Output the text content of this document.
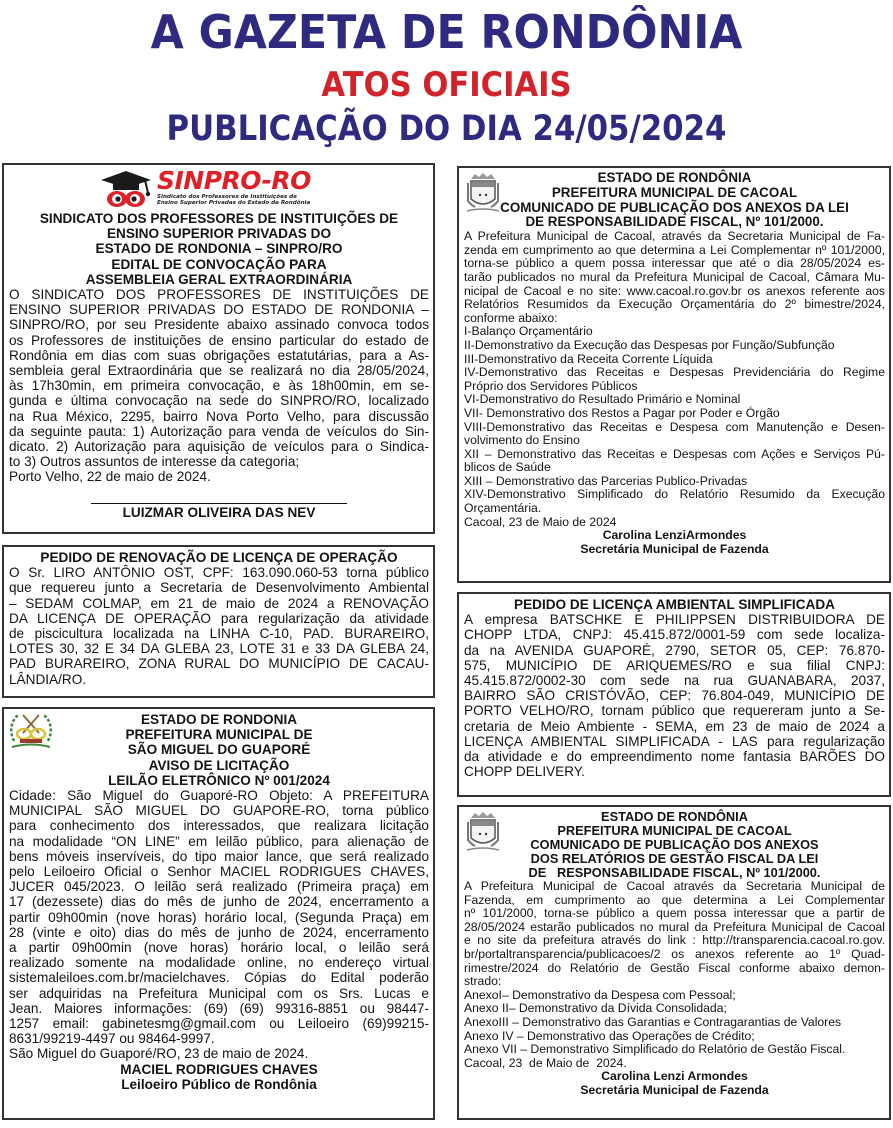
A GAZETA DE RONDÔNIA
ATOS OFICIAIS
PUBLICAÇÃO DO DIA 24/05/2024
SINPRO-RO
Sindicato dos Professores de Instituições de
Ensino Superior Privadas do Estado de Rondônia
SINDICATO DOS PROFESSORES DE INSTITUIÇÕES DE
ENSINO SUPERIOR PRIVADAS DO
ESTADO DE RONDONIA – SINPRO/RO
EDITAL DE CONVOCAÇÃO PARA
ASSEMBLEIA GERAL EXTRAORDINÁRIA
O SINDICATO DOS PROFESSORES DE INSTITUIÇÕES DE
ENSINO SUPERIOR PRIVADAS DO ESTADO DE RONDONIA –
SINPRO/RO, por seu Presidente abaixo assinado convoca todos
os Professores de instituições de ensino particular do estado de
Rondônia em dias com suas obrigações estatutárias, para a As-
sembleia geral Extraordinária que se realizará no dia 28/05/2024,
às 17h30min, em primeira convocação, e às 18h00min, em se-
gunda e última convocação na sede do SINPRO/RO, localizado
na Rua México, 2295, bairro Nova Porto Velho, para discussão
da seguinte pauta: 1) Autorização para venda de veículos do Sin-
dicato. 2) Autorização para aquisição de veículos para o Sindica-
to 3) Outros assuntos de interesse da categoria;
Porto Velho, 22 de maio de 2024.
LUIZMAR OLIVEIRA DAS NEV
PEDIDO DE RENOVAÇÃO DE LICENÇA DE OPERAÇÃO
O Sr. LIRO ANTÔNIO OST, CPF: 163.090.060-53 torna público
que requereu junto a Secretaria de Desenvolvimento Ambiental
– SEDAM COLMAP, em 21 de maio de 2024 a RENOVAÇÃO
DA LICENÇA DE OPERAÇÃO para regularização da atividade
de piscicultura localizada na LINHA C-10, PAD. BURAREIRO,
LOTES 30, 32 E 34 DA GLEBA 23, LOTE 31 e 33 DA GLEBA 24,
PAD BURAREIRO, ZONA RURAL DO MUNICÍPIO DE CACAU-
LÂNDIA/RO.
ESTADO DE RONDONIA
PREFEITURA MUNICIPAL DE
SÃO MIGUEL DO GUAPORÉ
AVISO DE LICITAÇÃO
LEILÃO ELETRÔNICO Nº 001/2024
Cidade: São Miguel do Guaporé-RO Objeto: A PREFEITURA
MUNICIPAL SÃO MIGUEL DO GUAPORE-RO, torna público
para conhecimento dos interessados, que realizara licitação
na modalidade “ON LINE” em leilão público, para alienação de
bens móveis inservíveis, do tipo maior lance, que será realizado
pelo Leiloeiro Oficial o Senhor MACIEL RODRIGUES CHAVES,
JUCER 045/2023. O leilão será realizado (Primeira praça) em
17 (dezessete) dias do mês de junho de 2024, encerramento a
partir 09h00min (nove horas) horário local, (Segunda Praça) em
28 (vinte e oito) dias do mês de junho de 2024, encerramento
a partir 09h00min (nove horas) horário local, o leilão será
realizado somente na modalidade online, no endereço virtual
sistemaleiloes.com.br/macielchaves. Cópias do Edital poderão
ser adquiridas na Prefeitura Municipal com os Srs. Lucas e
Jean. Maiores informações: (69) (69) 99316-8851 ou 98447-
1257 email: gabinetesmg@gmail.com ou Leiloeiro (69)99215-
8631/99219-4497 ou 98464-9997.
São Miguel do Guaporé/RO, 23 de maio de 2024.
MACIEL RODRIGUES CHAVES
Leiloeiro Público de Rondônia
ESTADO DE RONDÔNIA
PREFEITURA MUNICIPAL DE CACOAL
COMUNICADO DE PUBLICAÇÃO DOS ANEXOS DA LEI
DE RESPONSABILIDADE FISCAL, Nº 101/2000.
A Prefeitura Municipal de Cacoal, através da Secretaria Municipal de Fa-
zenda em cumprimento ao que determina a Lei Complementar nº 101/2000,
torna-se público a quem possa interessar que até o dia 28/05/2024 es-
tarão publicados no mural da Prefeitura Municipal de Cacoal, Câmara Mu-
nicipal de Cacoal e no site: www.cacoal.ro.gov.br os anexos referente aos
Relatórios Resumidos da Execução Orçamentária do 2º bimestre/2024,
conforme abaixo:
I-Balanço Orçamentário
II-Demonstrativo da Execução das Despesas por Função/Subfunção
III-Demonstrativo da Receita Corrente Líquida
IV-Demonstrativo das Receitas e Despesas Previdenciária do Regime
Próprio dos Servidores Públicos
VI-Demonstrativo do Resultado Primário e Nominal
VII- Demonstrativo dos Restos a Pagar por Poder e Órgão
VIII-Demonstrativo das Receitas e Despesa com Manutenção e Desen-
volvimento do Ensino
XII – Demonstrativo das Receitas e Despesas com Ações e Serviços Pú-
blicos de Saúde
XIII – Demonstrativo das Parcerias Publico-Privadas
XIV-Demonstrativo Simplificado do Relatório Resumido da Execução
Orçamentária.
Cacoal, 23 de Maio de 2024
Carolina LenziArmondes
Secretária Municipal de Fazenda
PEDIDO DE LICENÇA AMBIENTAL SIMPLIFICADA
A empresa BATSCHKE E PHILIPPSEN DISTRIBUIDORA DE
CHOPP LTDA, CNPJ: 45.415.872/0001-59 com sede localiza-
da na AVENIDA GUAPORÉ, 2790, SETOR 05, CEP: 76.870-
575, MUNICÍPIO DE ARIQUEMES/RO e sua filial CNPJ:
45.415.872/0002-30 com sede na rua GUANABARA, 2037,
BAIRRO SÃO CRISTÓVÃO, CEP: 76.804-049, MUNICÍPIO DE
PORTO VELHO/RO, tornam público que requereram junto a Se-
cretaria de Meio Ambiente - SEMA, em 23 de maio de 2024 a
LICENÇA AMBIENTAL SIMPLIFICADA - LAS para regularização
da atividade e do empreendimento nome fantasia BARÕES DO
CHOPP DELIVERY.
ESTADO DE RONDÔNIA
PREFEITURA MUNICIPAL DE CACOAL
COMUNICADO DE PUBLICAÇÃO DOS ANEXOS
DOS RELATÓRIOS DE GESTÃO FISCAL DA LEI
DE   RESPONSABILIDADE FISCAL, Nº 101/2000.
A Prefeitura Municipal de Cacoal através da Secretaria Municipal de
Fazenda, em cumprimento ao que determina a Lei Complementar
nº 101/2000, torna-se público a quem possa interessar que a partir de
28/05/2024 estarão publicados no mural da Prefeitura Municipal de Cacoal
e no site da prefeitura através do link : http://transparencia.cacoal.ro.gov.
br/portaltransparencia/publicacoes/2 os anexos referente ao 1º Quad-
rimestre/2024 do Relatório de Gestão Fiscal conforme abaixo demon-
strado:
AnexoI– Demonstrativo da Despesa com Pessoal;
Anexo II– Demonstrativo da Dívida Consolidada;
AnexoIII – Demonstrativo das Garantias e Contragarantias de Valores
Anexo IV – Demonstrativo das Operações de Crédito;
Anexo VII – Demonstrativo Simplificado do Relatório de Gestão Fiscal.
Cacoal, 23  de Maio de  2024.
Carolina Lenzi Armondes
Secretária Municipal de Fazenda
